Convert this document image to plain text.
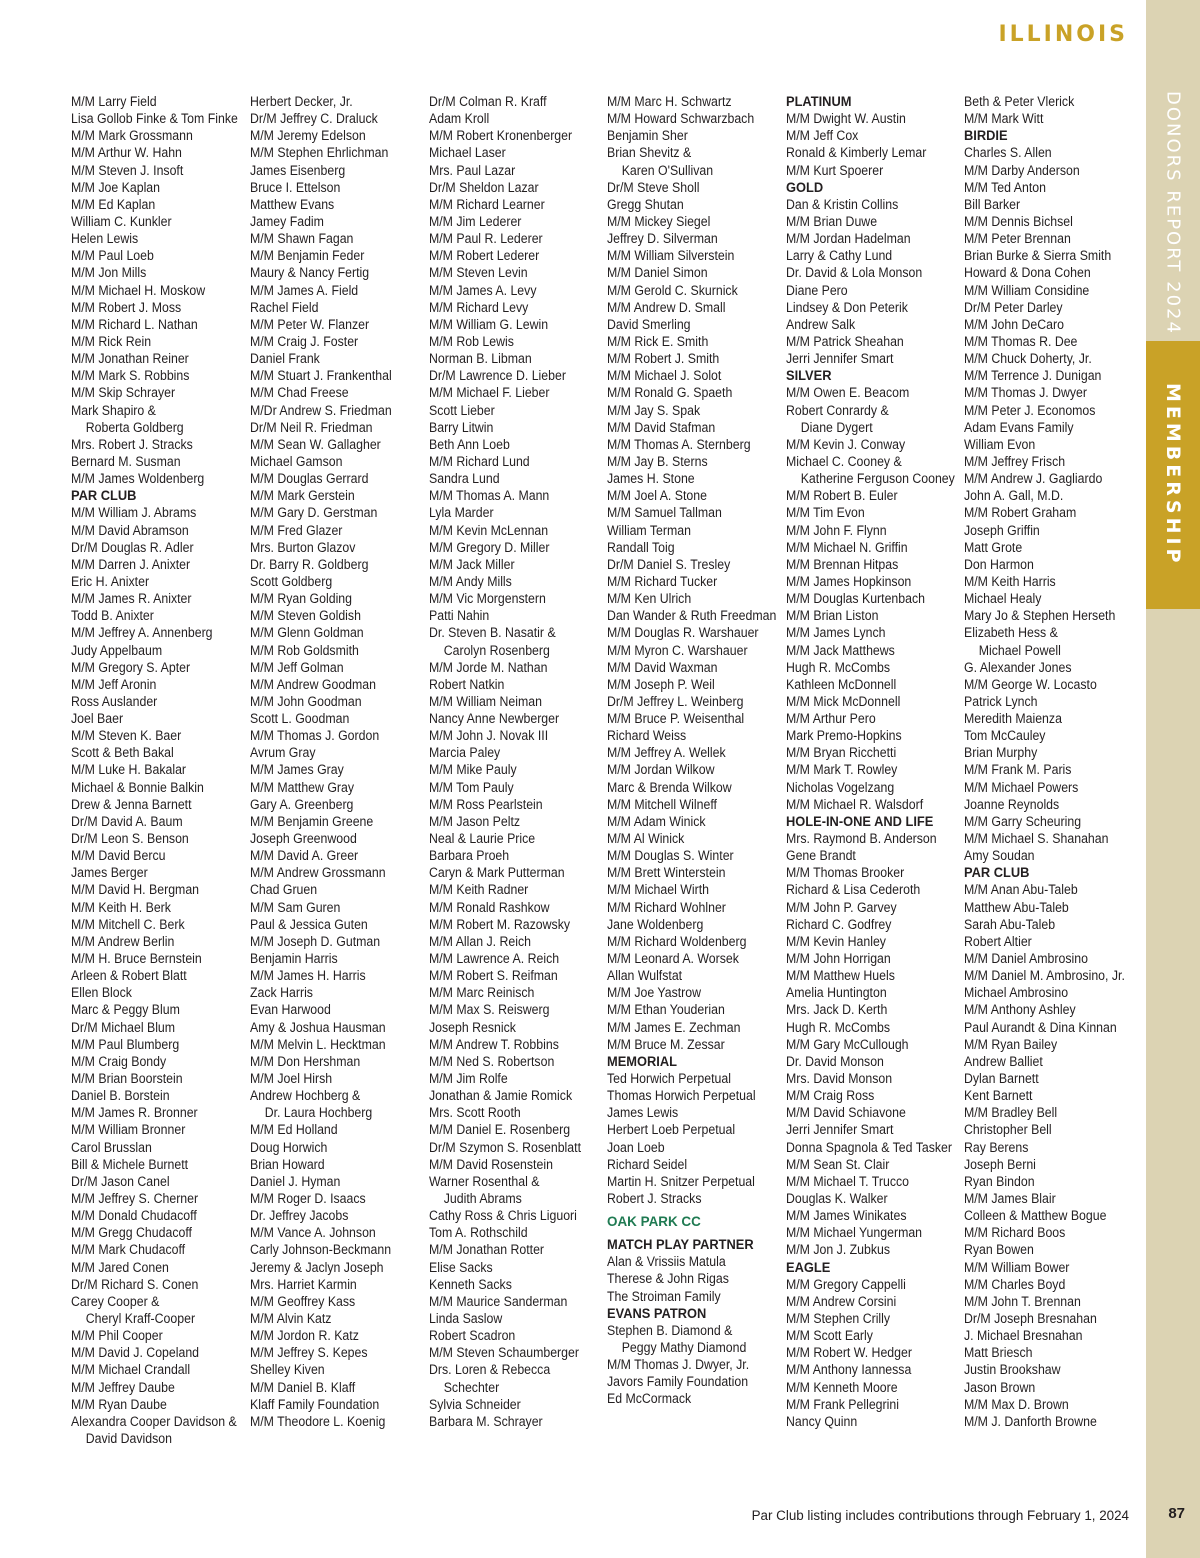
DONORS REPORT 2024
MEMBERSHIP
ILLINOIS
M/M Larry Field
Lisa Gollob Finke & Tom Finke
M/M Mark Grossmann
M/M Arthur W. Hahn
M/M Steven J. Insoft
M/M Joe Kaplan
M/M Ed Kaplan
William C. Kunkler
Helen Lewis
M/M Paul Loeb
M/M Jon Mills
M/M Michael H. Moskow
M/M Robert J. Moss
M/M Richard L. Nathan
M/M Rick Rein
M/M Jonathan Reiner
M/M Mark S. Robbins
M/M Skip Schrayer
Mark Shapiro &
Roberta Goldberg
Mrs. Robert J. Stracks
Bernard M. Susman
M/M James Woldenberg
PAR CLUB
M/M William J. Abrams
M/M David Abramson
Dr/M Douglas R. Adler
M/M Darren J. Anixter
Eric H. Anixter
M/M James R. Anixter
Todd B. Anixter
M/M Jeffrey A. Annenberg
Judy Appelbaum
M/M Gregory S. Apter
M/M Jeff Aronin
Ross Auslander
Joel Baer
M/M Steven K. Baer
Scott & Beth Bakal
M/M Luke H. Bakalar
Michael & Bonnie Balkin
Drew & Jenna Barnett
Dr/M David A. Baum
Dr/M Leon S. Benson
M/M David Bercu
James Berger
M/M David H. Bergman
M/M Keith H. Berk
M/M Mitchell C. Berk
M/M Andrew Berlin
M/M H. Bruce Bernstein
Arleen & Robert Blatt
Ellen Block
Marc & Peggy Blum
Dr/M Michael Blum
M/M Paul Blumberg
M/M Craig Bondy
M/M Brian Boorstein
Daniel B. Borstein
M/M James R. Bronner
M/M William Bronner
Carol Brusslan
Bill & Michele Burnett
Dr/M Jason Canel
M/M Jeffrey S. Cherner
M/M Donald Chudacoff
M/M Gregg Chudacoff
M/M Mark Chudacoff
M/M Jared Conen
Dr/M Richard S. Conen
Carey Cooper &
Cheryl Kraff-Cooper
M/M Phil Cooper
M/M David J. Copeland
M/M Michael Crandall
M/M Jeffrey Daube
M/M Ryan Daube
Alexandra Cooper Davidson &
David Davidson
Herbert Decker, Jr.
Dr/M Jeffrey C. Draluck
M/M Jeremy Edelson
M/M Stephen Ehrlichman
James Eisenberg
Bruce I. Ettelson
Matthew Evans
Jamey Fadim
M/M Shawn Fagan
M/M Benjamin Feder
Maury & Nancy Fertig
M/M James A. Field
Rachel Field
M/M Peter W. Flanzer
M/M Craig J. Foster
Daniel Frank
M/M Stuart J. Frankenthal
M/M Chad Freese
M/Dr Andrew S. Friedman
Dr/M Neil R. Friedman
M/M Sean W. Gallagher
Michael Gamson
M/M Douglas Gerrard
M/M Mark Gerstein
M/M Gary D. Gerstman
M/M Fred Glazer
Mrs. Burton Glazov
Dr. Barry R. Goldberg
Scott Goldberg
M/M Ryan Golding
M/M Steven Goldish
M/M Glenn Goldman
M/M Rob Goldsmith
M/M Jeff Golman
M/M Andrew Goodman
M/M John Goodman
Scott L. Goodman
M/M Thomas J. Gordon
Avrum Gray
M/M James Gray
M/M Matthew Gray
Gary A. Greenberg
M/M Benjamin Greene
Joseph Greenwood
M/M David A. Greer
M/M Andrew Grossmann
Chad Gruen
M/M Sam Guren
Paul & Jessica Guten
M/M Joseph D. Gutman
Benjamin Harris
M/M James H. Harris
Zack Harris
Evan Harwood
Amy & Joshua Hausman
M/M Melvin L. Hecktman
M/M Don Hershman
M/M Joel Hirsh
Andrew Hochberg &
Dr. Laura Hochberg
M/M Ed Holland
Doug Horwich
Brian Howard
Daniel J. Hyman
M/M Roger D. Isaacs
Dr. Jeffrey Jacobs
M/M Vance A. Johnson
Carly Johnson-Beckmann
Jeremy & Jaclyn Joseph
Mrs. Harriet Karmin
M/M Geoffrey Kass
M/M Alvin Katz
M/M Jordon R. Katz
M/M Jeffrey S. Kepes
Shelley Kiven
M/M Daniel B. Klaff
Klaff Family Foundation
M/M Theodore L. Koenig
Dr/M Colman R. Kraff
Adam Kroll
M/M Robert Kronenberger
Michael Laser
Mrs. Paul Lazar
Dr/M Sheldon Lazar
M/M Richard Learner
M/M Jim Lederer
M/M Paul R. Lederer
M/M Robert Lederer
M/M Steven Levin
M/M James A. Levy
M/M Richard Levy
M/M William G. Lewin
M/M Rob Lewis
Norman B. Libman
Dr/M Lawrence D. Lieber
M/M Michael F. Lieber
Scott Lieber
Barry Litwin
Beth Ann Loeb
M/M Richard Lund
Sandra Lund
M/M Thomas A. Mann
Lyla Marder
M/M Kevin McLennan
M/M Gregory D. Miller
M/M Jack Miller
M/M Andy Mills
M/M Vic Morgenstern
Patti Nahin
Dr. Steven B. Nasatir &
Carolyn Rosenberg
M/M Jorde M. Nathan
Robert Natkin
M/M William Neiman
Nancy Anne Newberger
M/M John J. Novak III
Marcia Paley
M/M Mike Pauly
M/M Tom Pauly
M/M Ross Pearlstein
M/M Jason Peltz
Neal & Laurie Price
Barbara Proeh
Caryn & Mark Putterman
M/M Keith Radner
M/M Ronald Rashkow
M/M Robert M. Razowsky
M/M Allan J. Reich
M/M Lawrence A. Reich
M/M Robert S. Reifman
M/M Marc Reinisch
M/M Max S. Reiswerg
Joseph Resnick
M/M Andrew T. Robbins
M/M Ned S. Robertson
M/M Jim Rolfe
Jonathan & Jamie Romick
Mrs. Scott Rooth
M/M Daniel E. Rosenberg
Dr/M Szymon S. Rosenblatt
M/M David Rosenstein
Warner Rosenthal &
Judith Abrams
Cathy Ross & Chris Liguori
Tom A. Rothschild
M/M Jonathan Rotter
Elise Sacks
Kenneth Sacks
M/M Maurice Sanderman
Linda Saslow
Robert Scadron
M/M Steven Schaumberger
Drs. Loren & Rebecca
Schechter
Sylvia Schneider
Barbara M. Schrayer
M/M Marc H. Schwartz
M/M Howard Schwarzbach
Benjamin Sher
Brian Shevitz &
Karen O'Sullivan
Dr/M Steve Sholl
Gregg Shutan
M/M Mickey Siegel
Jeffrey D. Silverman
M/M William Silverstein
M/M Daniel Simon
M/M Gerold C. Skurnick
M/M Andrew D. Small
David Smerling
M/M Rick E. Smith
M/M Robert J. Smith
M/M Michael J. Solot
M/M Ronald G. Spaeth
M/M Jay S. Spak
M/M David Stafman
M/M Thomas A. Sternberg
M/M Jay B. Sterns
James H. Stone
M/M Joel A. Stone
M/M Samuel Tallman
William Terman
Randall Toig
Dr/M Daniel S. Tresley
M/M Richard Tucker
M/M Ken Ulrich
Dan Wander & Ruth Freedman
M/M Douglas R. Warshauer
M/M Myron C. Warshauer
M/M David Waxman
M/M Joseph P. Weil
Dr/M Jeffrey L. Weinberg
M/M Bruce P. Weisenthal
Richard Weiss
M/M Jeffrey A. Wellek
M/M Jordan Wilkow
Marc & Brenda Wilkow
M/M Mitchell Wilneff
M/M Adam Winick
M/M Al Winick
M/M Douglas S. Winter
M/M Brett Winterstein
M/M Michael Wirth
M/M Richard Wohlner
Jane Woldenberg
M/M Richard Woldenberg
M/M Leonard A. Worsek
Allan Wulfstat
M/M Joe Yastrow
M/M Ethan Youderian
M/M James E. Zechman
M/M Bruce M. Zessar
MEMORIAL
Ted Horwich Perpetual
Thomas Horwich Perpetual
James Lewis
Herbert Loeb Perpetual
Joan Loeb
Richard Seidel
Martin H. Snitzer Perpetual
Robert J. Stracks
OAK PARK CC
MATCH PLAY PARTNER
Alan & Vrissiis Matula
Therese & John Rigas
The Stroiman Family
EVANS PATRON
Stephen B. Diamond &
Peggy Mathy Diamond
M/M Thomas J. Dwyer, Jr.
Javors Family Foundation
Ed McCormack
PLATINUM
M/M Dwight W. Austin
M/M Jeff Cox
Ronald & Kimberly Lemar
M/M Kurt Spoerer
GOLD
Dan & Kristin Collins
M/M Brian Duwe
M/M Jordan Hadelman
Larry & Cathy Lund
Dr. David & Lola Monson
Diane Pero
Lindsey & Don Peterik
Andrew Salk
M/M Patrick Sheahan
Jerri Jennifer Smart
SILVER
M/M Owen E. Beacom
Robert Conrardy &
Diane Dygert
M/M Kevin J. Conway
Michael C. Cooney &
Katherine Ferguson Cooney
M/M Robert B. Euler
M/M Tim Evon
M/M John F. Flynn
M/M Michael N. Griffin
M/M Brennan Hitpas
M/M James Hopkinson
M/M Douglas Kurtenbach
M/M Brian Liston
M/M James Lynch
M/M Jack Matthews
Hugh R. McCombs
Kathleen McDonnell
M/M Mick McDonnell
M/M Arthur Pero
Mark Premo-Hopkins
M/M Bryan Ricchetti
M/M Mark T. Rowley
Nicholas Vogelzang
M/M Michael R. Walsdorf
HOLE-IN-ONE AND LIFE
Mrs. Raymond B. Anderson
Gene Brandt
M/M Thomas Brooker
Richard & Lisa Cederoth
M/M John P. Garvey
Richard C. Godfrey
M/M Kevin Hanley
M/M John Horrigan
M/M Matthew Huels
Amelia Huntington
Mrs. Jack D. Kerth
Hugh R. McCombs
M/M Gary McCullough
Dr. David Monson
Mrs. David Monson
M/M Craig Ross
M/M David Schiavone
Jerri Jennifer Smart
Donna Spagnola & Ted Tasker
M/M Sean St. Clair
M/M Michael T. Trucco
Douglas K. Walker
M/M James Winikates
M/M Michael Yungerman
M/M Jon J. Zubkus
EAGLE
M/M Gregory Cappelli
M/M Andrew Corsini
M/M Stephen Crilly
M/M Scott Early
M/M Robert W. Hedger
M/M Anthony Iannessa
M/M Kenneth Moore
M/M Frank Pellegrini
Nancy Quinn
Beth & Peter Vlerick
M/M Mark Witt
BIRDIE
Charles S. Allen
M/M Darby Anderson
M/M Ted Anton
Bill Barker
M/M Dennis Bichsel
M/M Peter Brennan
Brian Burke & Sierra Smith
Howard & Dona Cohen
M/M William Considine
Dr/M Peter Darley
M/M John DeCaro
M/M Thomas R. Dee
M/M Chuck Doherty, Jr.
M/M Terrence J. Dunigan
M/M Thomas J. Dwyer
M/M Peter J. Economos
Adam Evans Family
William Evon
M/M Jeffrey Frisch
M/M Andrew J. Gagliardo
John A. Gall, M.D.
M/M Robert Graham
Joseph Griffin
Matt Grote
Don Harmon
M/M Keith Harris
Michael Healy
Mary Jo & Stephen Herseth
Elizabeth Hess &
Michael Powell
G. Alexander Jones
M/M George W. Locasto
Patrick Lynch
Meredith Maienza
Tom McCauley
Brian Murphy
M/M Frank M. Paris
M/M Michael Powers
Joanne Reynolds
M/M Garry Scheuring
M/M Michael S. Shanahan
Amy Soudan
PAR CLUB
M/M Anan Abu-Taleb
Matthew Abu-Taleb
Sarah Abu-Taleb
Robert Altier
M/M Daniel Ambrosino
M/M Daniel M. Ambrosino, Jr.
Michael Ambrosino
M/M Anthony Ashley
Paul Aurandt & Dina Kinnan
M/M Ryan Bailey
Andrew Balliet
Dylan Barnett
Kent Barnett
M/M Bradley Bell
Christopher Bell
Ray Berens
Joseph Berni
Ryan Bindon
M/M James Blair
Colleen & Matthew Bogue
M/M Richard Boos
Ryan Bowen
M/M William Bower
M/M Charles Boyd
M/M John T. Brennan
Dr/M Joseph Bresnahan
J. Michael Bresnahan
Matt Briesch
Justin Brookshaw
Jason Brown
M/M Max D. Brown
M/M J. Danforth Browne
Par Club listing includes contributions through February 1, 2024	87
